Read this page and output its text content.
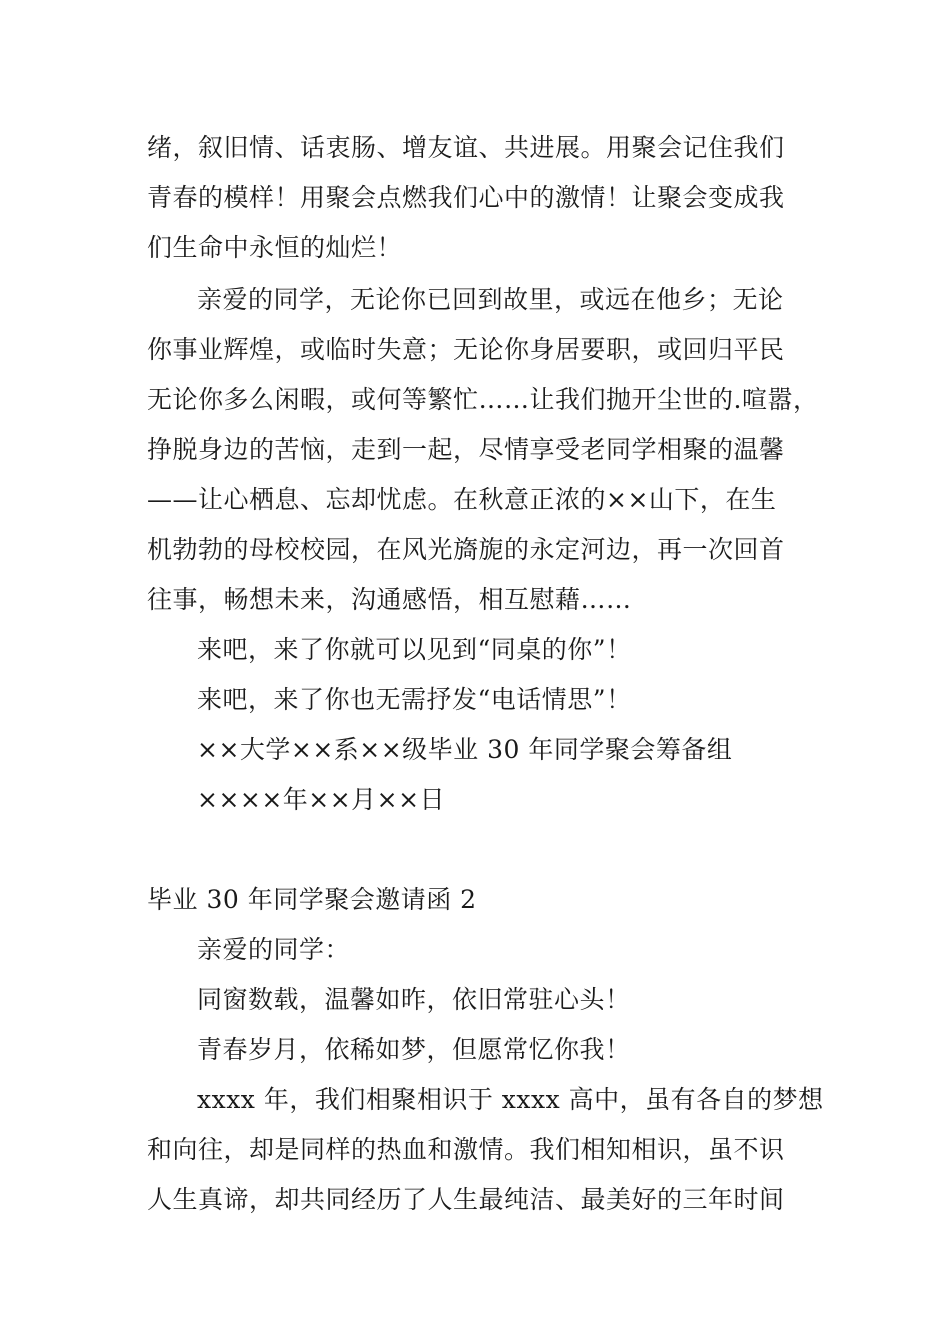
绪，叙旧情、话衷肠、增友谊、共进展。用聚会记住我们
青春的模样！用聚会点燃我们心中的激情！让聚会变成我
们生命中永恒的灿烂！
亲爱的同学，无论你已回到故里，或远在他乡；无论
你事业辉煌，或临时失意；无论你身居要职，或回归平民
无论你多么闲暇，或何等繁忙……让我们抛开尘世的.喧嚣，
挣脱身边的苦恼，走到一起，尽情享受老同学相聚的温馨
——让心栖息、忘却忧虑。在秋意正浓的××山下，在生
机勃勃的母校校园，在风光旖旎的永定河边，再一次回首
往事，畅想未来，沟通感悟，相互慰藉……
来吧，来了你就可以见到“同桌的你”！
来吧，来了你也无需抒发“电话情思”！
××大学××系××级毕业 30 年同学聚会筹备组
××××年××月××日
毕业 30 年同学聚会邀请函 2
亲爱的同学：
同窗数载，温馨如昨，依旧常驻心头！
青春岁月，依稀如梦，但愿常忆你我！
xxxx 年，我们相聚相识于 xxxx 高中，虽有各自的梦想
和向往，却是同样的热血和激情。我们相知相识，虽不识
人生真谛，却共同经历了人生最纯洁、最美好的三年时间
